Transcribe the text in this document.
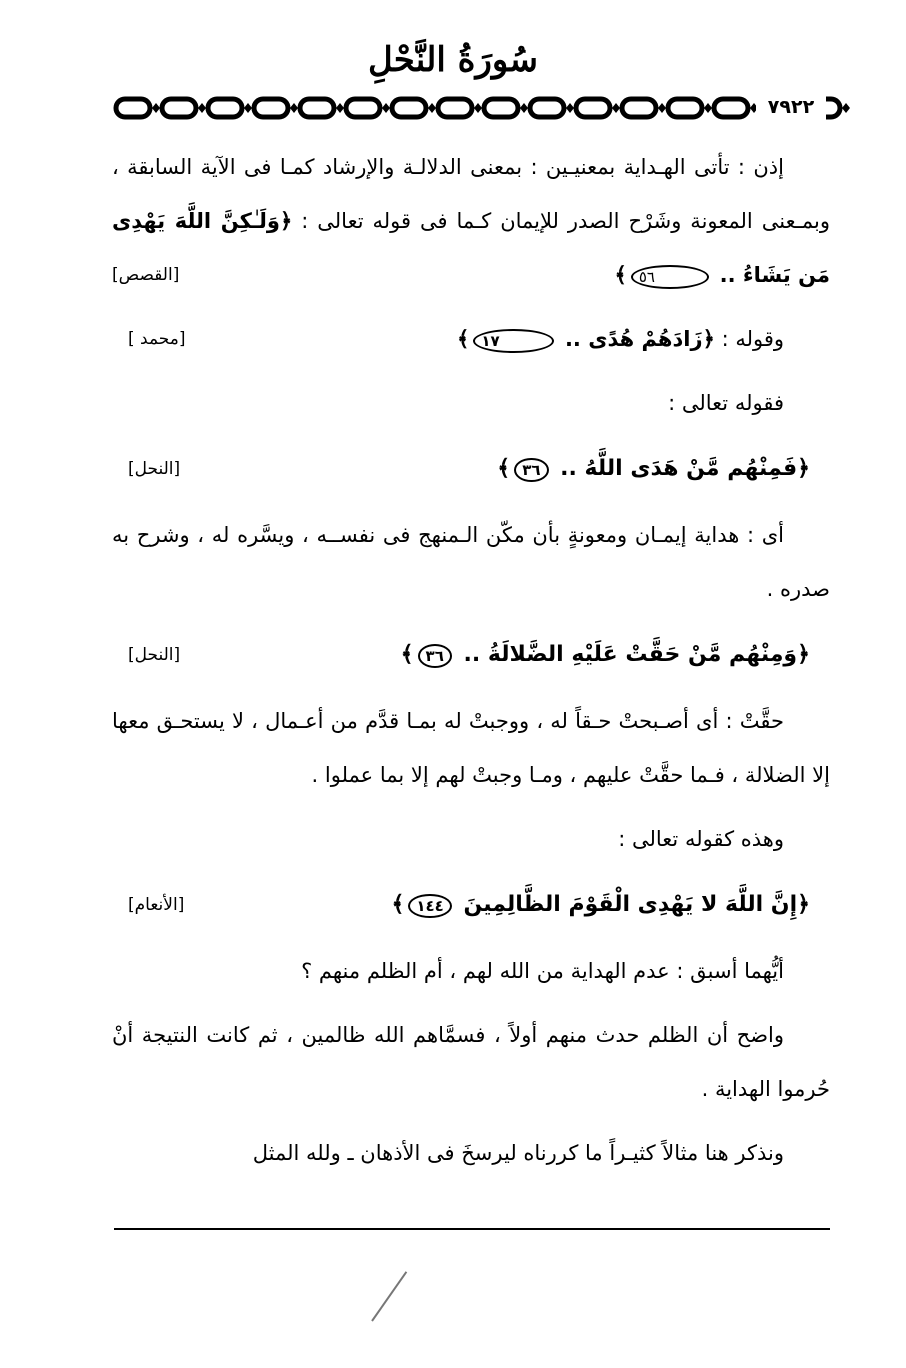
سُورَةُ النَّحْلِ
٧٩٢٢

إذن : تأتى الهـداية بمعنيـين : بمعنى الدلالـة والإرشاد كمـا فى الآية السابقة ، وبمـعنى المعونة وشَرْح الصدر للإيمان كـما فى قوله تعالى : ﴿وَلَـٰكِنَّ اللَّهَ يَهْدِى مَن يَشَاءُ .. ٥٦﴾
[القصص]

وقوله : ﴿زَادَهُمْ هُدًى .. ١٧﴾
[محمد ]

فقوله تعالى :

﴿فَمِنْهُم مَّنْ هَدَى اللَّهُ .. ٣٦﴾
[النحل]

أى : هداية إيمـان ومعونةٍ بأن مكّن الـمنهج فى نفســه ، ويسَّره له ، وشرح به صدره .

﴿وَمِنْهُم مَّنْ حَقَّتْ عَلَيْهِ الضَّلالَةُ .. ٣٦﴾
[النحل]

حقَّتْ : أى أصـبحتْ حـقاً له ، ووجبتْ له بمـا قدَّم من أعـمال ، لا يستحـق معها إلا الضلالة ، فـما حقَّتْ عليهم ، ومـا وجبتْ لهم إلا بما عملوا .

وهذه كقوله تعالى :

﴿إِنَّ اللَّهَ لا يَهْدِى الْقَوْمَ الظَّالِمِينَ ١٤٤﴾
[الأنعام]

أيُّهما أسبق : عدم الهداية من الله لهم ، أم الظلم منهم ؟

واضح أن الظلم حدث منهم أولاً ، فسمَّاهم الله ظالمين ، ثم كانت النتيجة أنْ حُرموا الهداية .

ونذكر هنا مثالاً كثيـراً ما كررناه ليرسخَ فى الأذهان ـ ولله المثل
